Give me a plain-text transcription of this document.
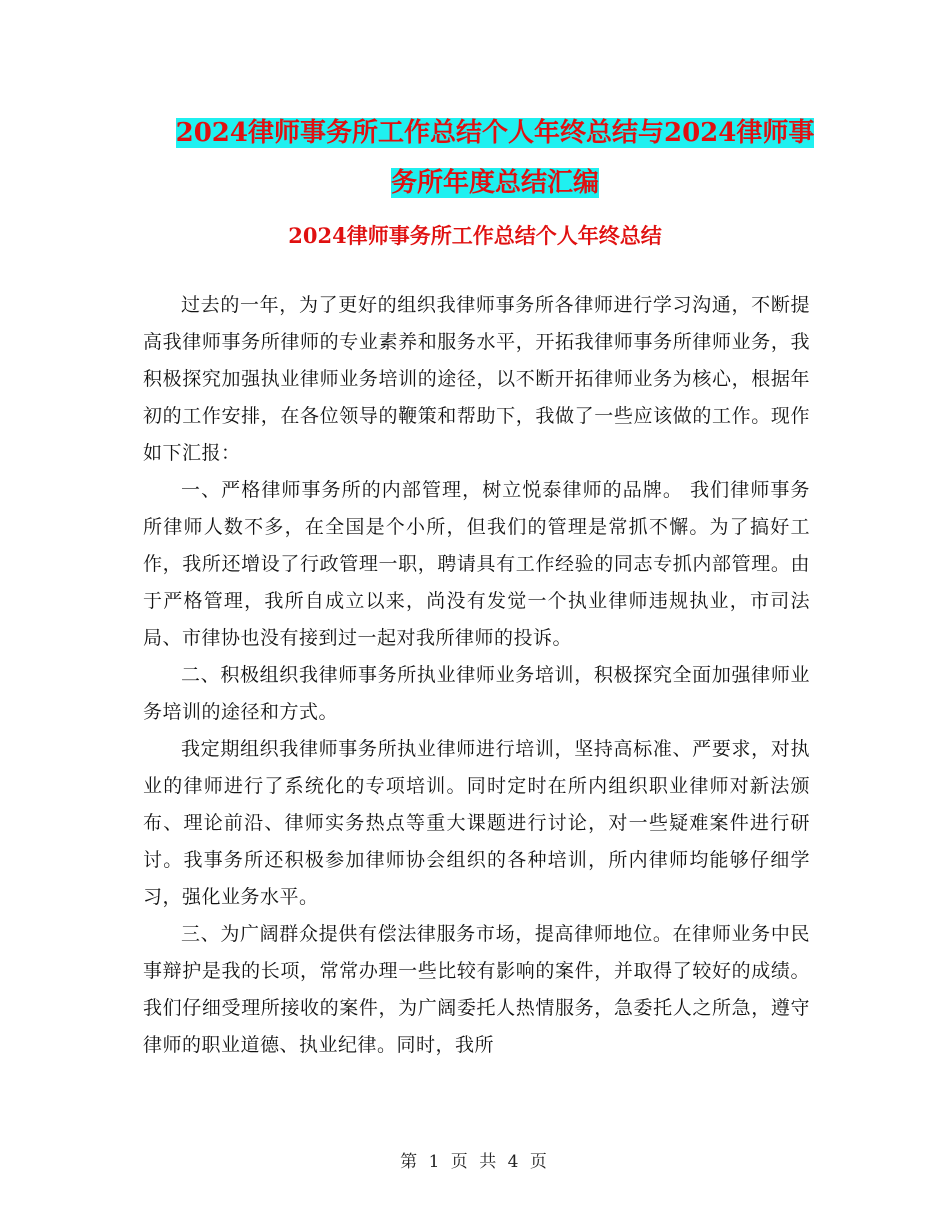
2024律师事务所工作总结个人年终总结与2024律师事
务所年度总结汇编
2024律师事务所工作总结个人年终总结

过去的一年，为了更好的组织我律师事务所各律师进行学习沟通，不断提高我律师事务所律师的专业素养和服务水平，开拓我律师事务所律师业务，我积极探究加强执业律师业务培训的途径，以不断开拓律师业务为核心，根据年初的工作安排，在各位领导的鞭策和帮助下，我做了一些应该做的工作。现作如下汇报：

一、严格律师事务所的内部管理，树立悦泰律师的品牌。 我们律师事务所律师人数不多，在全国是个小所，但我们的管理是常抓不懈。为了搞好工作，我所还增设了行政管理一职，聘请具有工作经验的同志专抓内部管理。由于严格管理，我所自成立以来，尚没有发觉一个执业律师违规执业，市司法局、市律协也没有接到过一起对我所律师的投诉。

二、积极组织我律师事务所执业律师业务培训，积极探究全面加强律师业务培训的途径和方式。

我定期组织我律师事务所执业律师进行培训，坚持高标准、严要求，对执业的律师进行了系统化的专项培训。同时定时在所内组织职业律师对新法颁布、理论前沿、律师实务热点等重大课题进行讨论，对一些疑难案件进行研讨。我事务所还积极参加律师协会组织的各种培训，所内律师均能够仔细学习，强化业务水平。

三、为广阔群众提供有偿法律服务市场，提高律师地位。在律师业务中民事辩护是我的长项，常常办理一些比较有影响的案件，并取得了较好的成绩。我们仔细受理所接收的案件，为广阔委托人热情服务，急委托人之所急，遵守律师的职业道德、执业纪律。同时，我所

第 1 页 共 4 页
